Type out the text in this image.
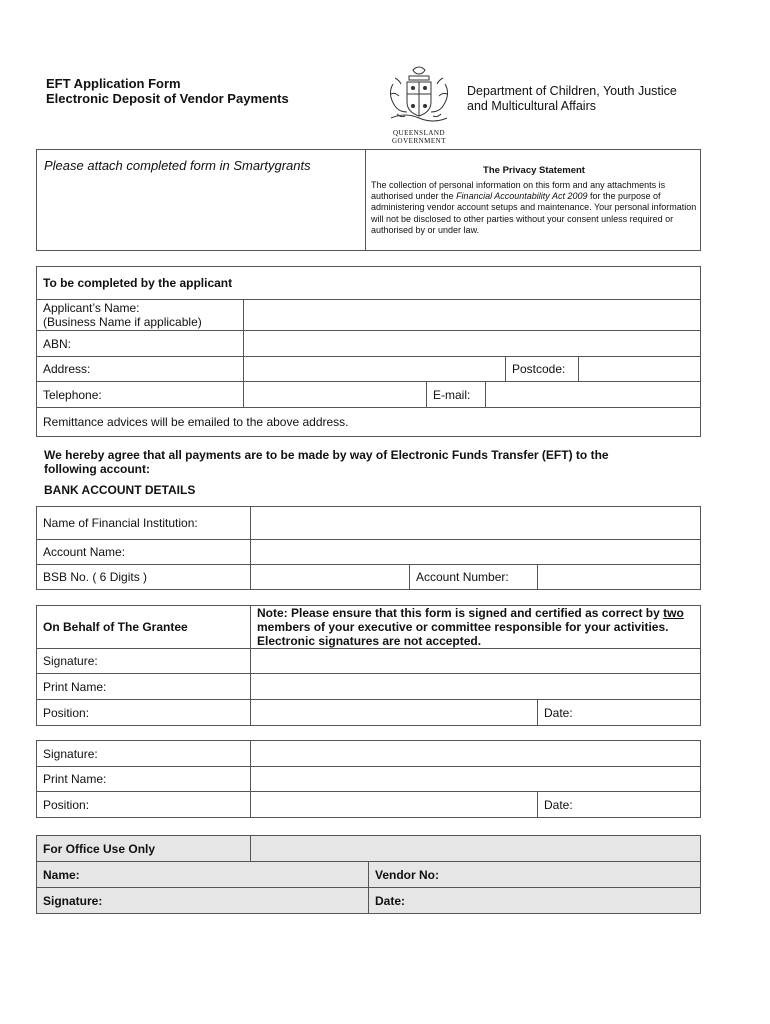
EFT Application Form
Electronic Deposit of Vendor Payments
QUEENSLAND
GOVERNMENT
Department of Children, Youth Justice
and Multicultural Affairs
Please attach completed form in Smartygrants	The Privacy Statement
The collection of personal information on this form and any attachments is authorised under the Financial Accountability Act 2009 for the purpose of administering vendor account setups and maintenance. Your personal information will not be disclosed to other parties without your consent unless required or authorised by or under law.
To be completed by the applicant
Applicant’s Name:
(Business Name if applicable)
ABN:
Address:	Postcode:
Telephone:	E-mail:
Remittance advices will be emailed to the above address.
We hereby agree that all payments are to be made by way of Electronic Funds Transfer (EFT) to the
following account:
BANK ACCOUNT DETAILS
Name of Financial Institution:
Account Name:
BSB No. ( 6 Digits )	Account Number:
On Behalf of The Grantee
Note: Please ensure that this form is signed and certified as correct by two members of your executive or committee responsible for your activities. Electronic signatures are not accepted.
Signature:
Print Name:
Position:	Date:
Signature:
Print Name:
Position:	Date:
For Office Use Only
Name:	Vendor No:
Signature:	Date:
